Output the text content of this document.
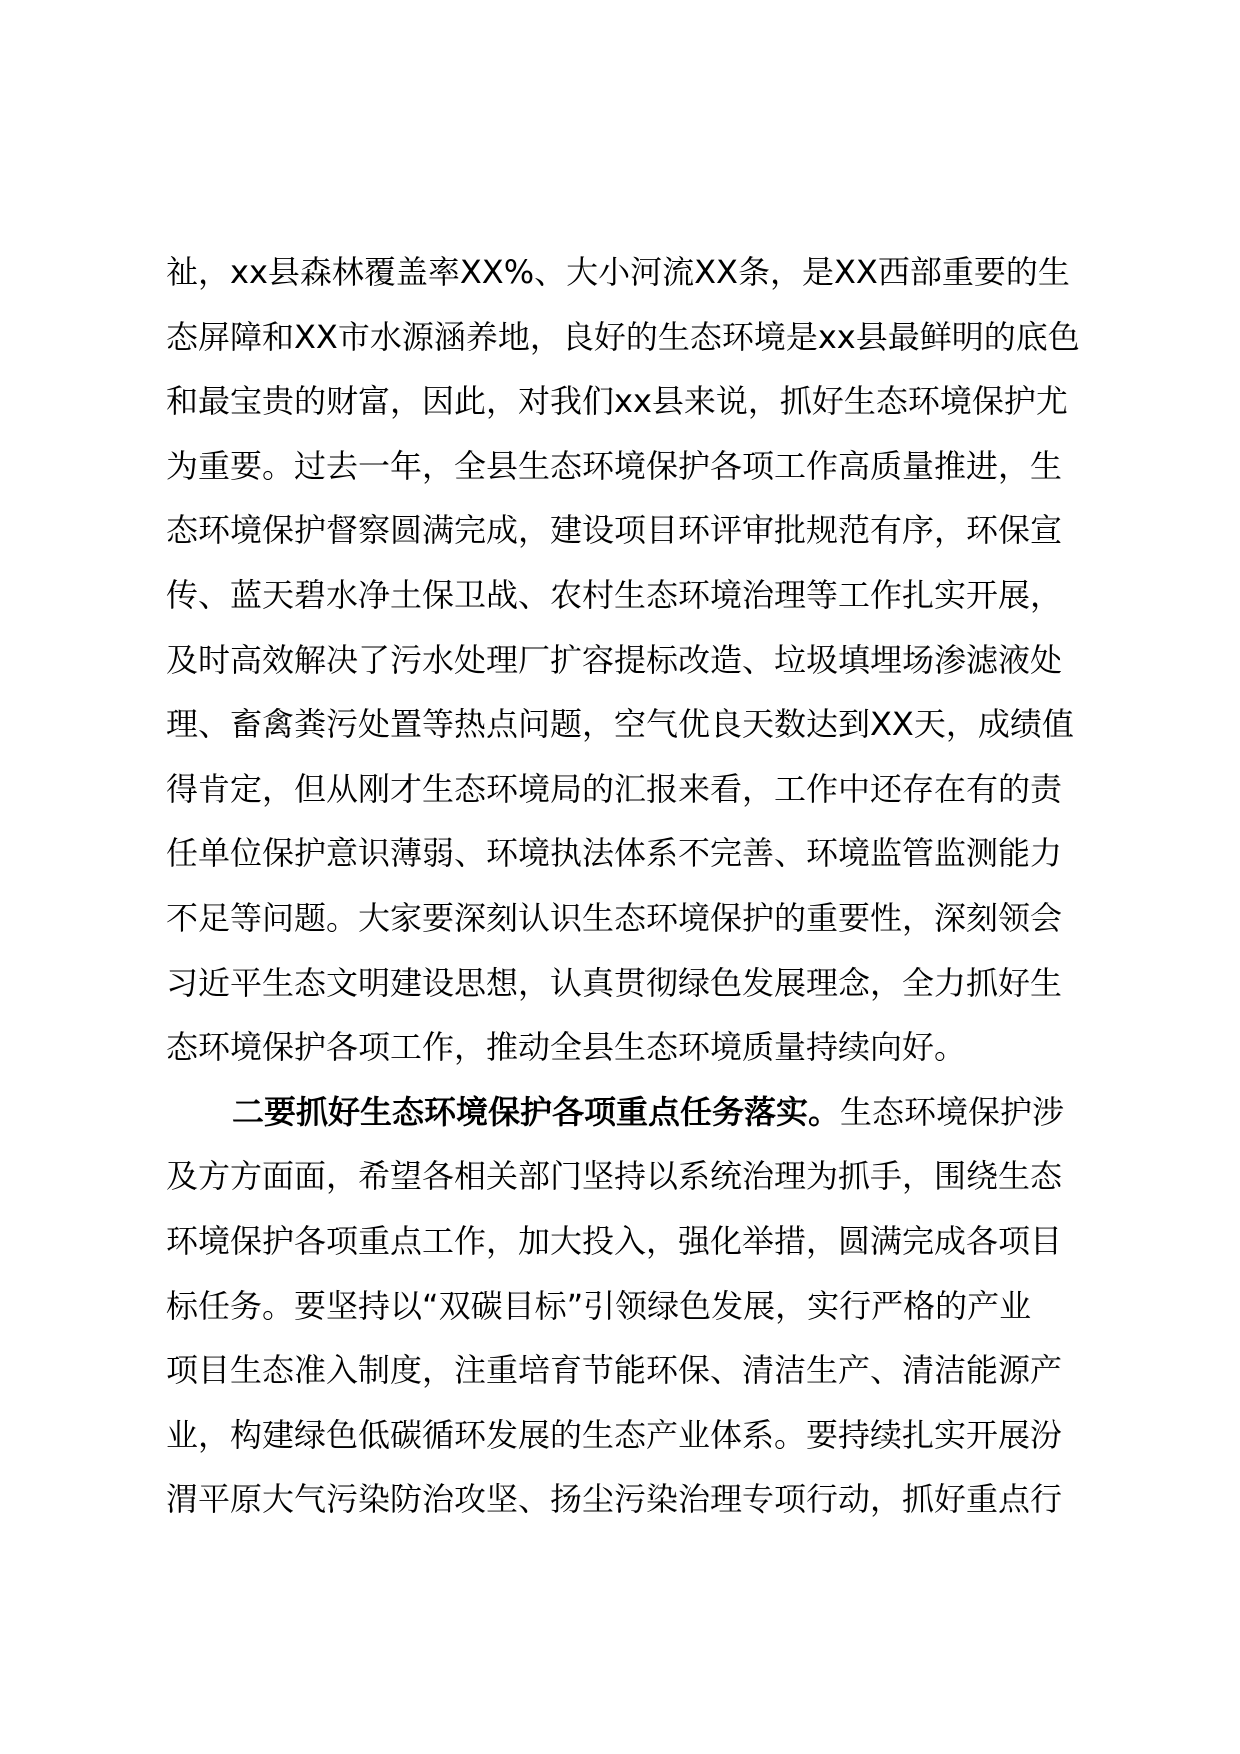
祉，xx县森林覆盖率XX%、大小河流XX条，是XX西部重要的生
态屏障和XX市水源涵养地，良好的生态环境是xx县最鲜明的底色
和最宝贵的财富，因此，对我们xx县来说，抓好生态环境保护尤
为重要。过去一年，全县生态环境保护各项工作高质量推进，生
态环境保护督察圆满完成，建设项目环评审批规范有序，环保宣
传、蓝天碧水净土保卫战、农村生态环境治理等工作扎实开展，
及时高效解决了污水处理厂扩容提标改造、垃圾填埋场渗滤液处
理、畜禽粪污处置等热点问题，空气优良天数达到XX天，成绩值
得肯定，但从刚才生态环境局的汇报来看，工作中还存在有的责
任单位保护意识薄弱、环境执法体系不完善、环境监管监测能力
不足等问题。大家要深刻认识生态环境保护的重要性，深刻领会
习近平生态文明建设思想，认真贯彻绿色发展理念，全力抓好生
态环境保护各项工作，推动全县生态环境质量持续向好。
二要抓好生态环境保护各项重点任务落实。生态环境保护涉
及方方面面，希望各相关部门坚持以系统治理为抓手，围绕生态
环境保护各项重点工作，加大投入，强化举措，圆满完成各项目
标任务。要坚持以“双碳目标”引领绿色发展，实行严格的产业
项目生态准入制度，注重培育节能环保、清洁生产、清洁能源产
业，构建绿色低碳循环发展的生态产业体系。要持续扎实开展汾
渭平原大气污染防治攻坚、扬尘污染治理专项行动，抓好重点行
